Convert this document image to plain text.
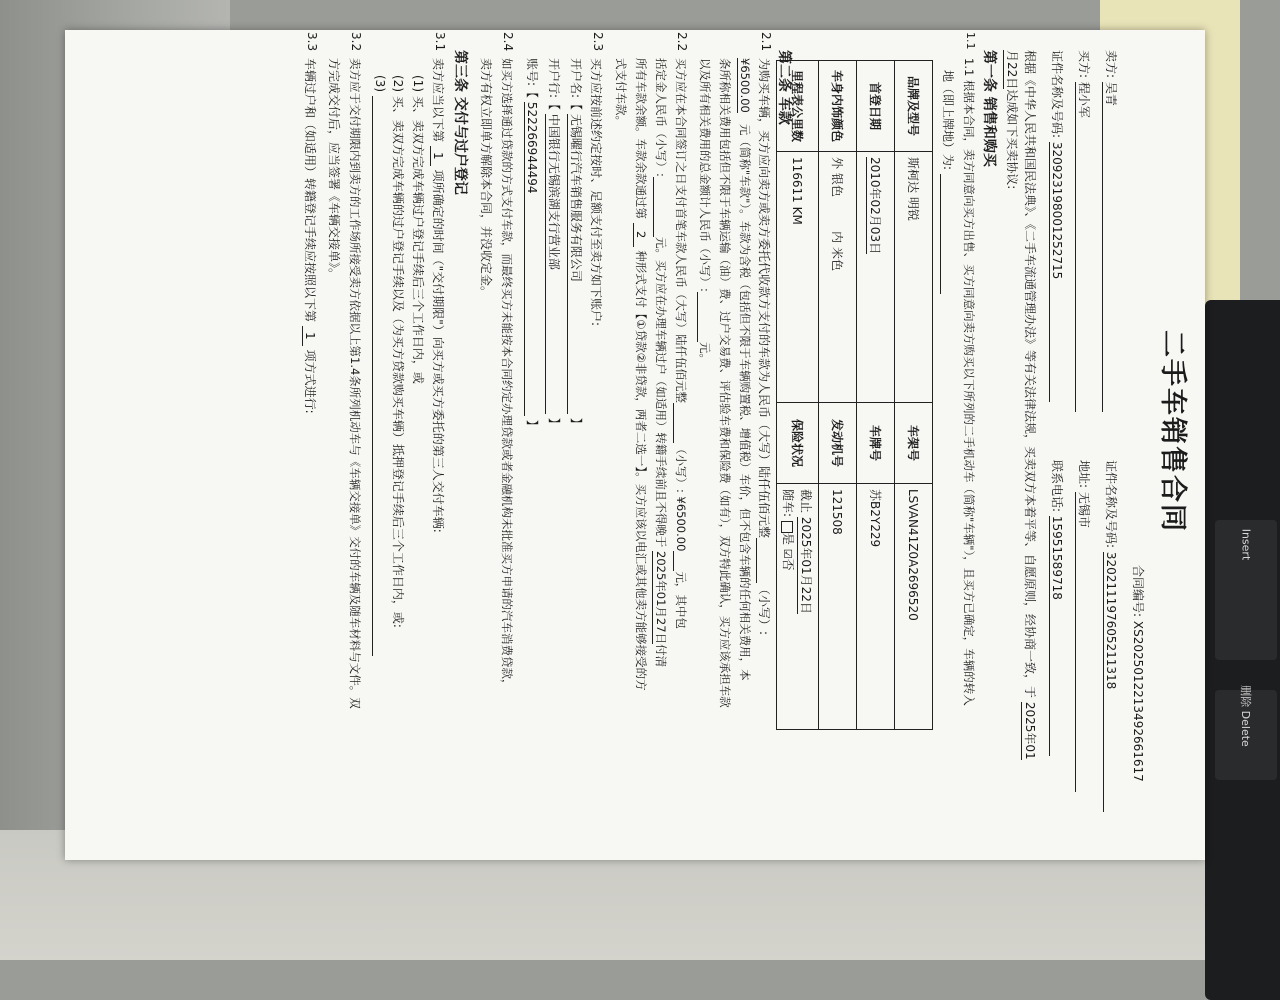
Insert
删除 Delete
二手车销售合同
合同编号: XS2025012213492661617
卖方: 吴青
证件名称及号码: 320211197605211318
买方: 程小军
地址: 无锡市
证件名称及号码: 320923198001252715
联系电话: 15951589718
根据《中华人民共和国民法典》、《二手车流通管理办法》等有关法律法规，买卖双方本着平等、自愿原则，经协商一致，于 2025年01
月22日达成如下买卖协议:
第一条 销售和购买
1.1
1.1 根据本合同，卖方同意向买方出售、买方同意向卖方购买以下所列的二手机动车（简称"车辆"），且买方已确定，车辆的转入
地（即上牌地）为:
品牌及型号	斯柯达 明锐	车架号	LSVAN41Z0A2696520
首登日期	2010年02月03日	车牌号	苏B2Y229
车身内饰颜色	外 银色         内 米色	发动机号	121508
里程表公里数	116611 KM	保险状况	截止 2025年01月22日
随车: 是 ☑否
第二条 车款
2.1
为购买车辆，买方应向卖方或卖方委托代收款方支付的车款为人民币（大写）陆仟伍佰元整 （小写）:
¥6500.00   元（简称"车款"）。车款为含税（包括但不限于车辆购置税、增值税）车价，但不包含车辆的任何相关费用，本
条所称相关费用包括但不限于车辆运输（油）费、过户交易费、评估验车费和保险费（如有），双方特此确认，买方应该承担车款
以及所有相关费用的总金额计人民币（小写）: 元。
2.2
买方应在本合同签订之日支付首笔车款人民币（大写）陆仟伍佰元整 （小写）: ¥6500.00 元，其中包
括定金人民币（小写）: 元。买方应在办理车辆过户（如适用）转籍手续前且不得晚于 2025年01月27日付清
所有车款余额。车款余款通过第 2 种形式支付【①贷款②非贷款，两者二选一】。买方应该以电汇或其他卖方能够接受的方
式支付车款。
2.3
买方应按前述约定按时、足额支付至卖方如下账户:
开户名:【 无锡曜行汽车销售服务有限公司 】
开户行:【 中国银行无锡滨湖支行营业部 】
账号:【 522266944494 】
2.4
如买方选择通过贷款的方式支付车款，而最终买方未能按本合同约定办理贷款或者金融机构未批准买方申请的汽车消费贷款，
卖方有权立即单方解除本合同，并没收定金。
第三条 交付与过户登记
3.1
卖方应当以下第 1 项所确定的时间（"交付期限"）向买方或买方委托的第三人交付车辆:
(1) 买、卖双方完成车辆过户登记手续后三个工作日内，或
(2) 买、卖双方完成车辆的过户登记手续以及（为买方贷款购买车辆）抵押登记手续后三个工作日内，或:
(3)
3.2
卖方应于交付期限内到卖方的工作场所接受卖方依据以上第1.4条所列机动车与《车辆交接单》交付的车辆及随车材料与文件。双
方完成交付后，应当签署《车辆交接单》。
3.3
车辆过户和（如适用）转籍登记手续应按照以下第 1 项方式进行:
